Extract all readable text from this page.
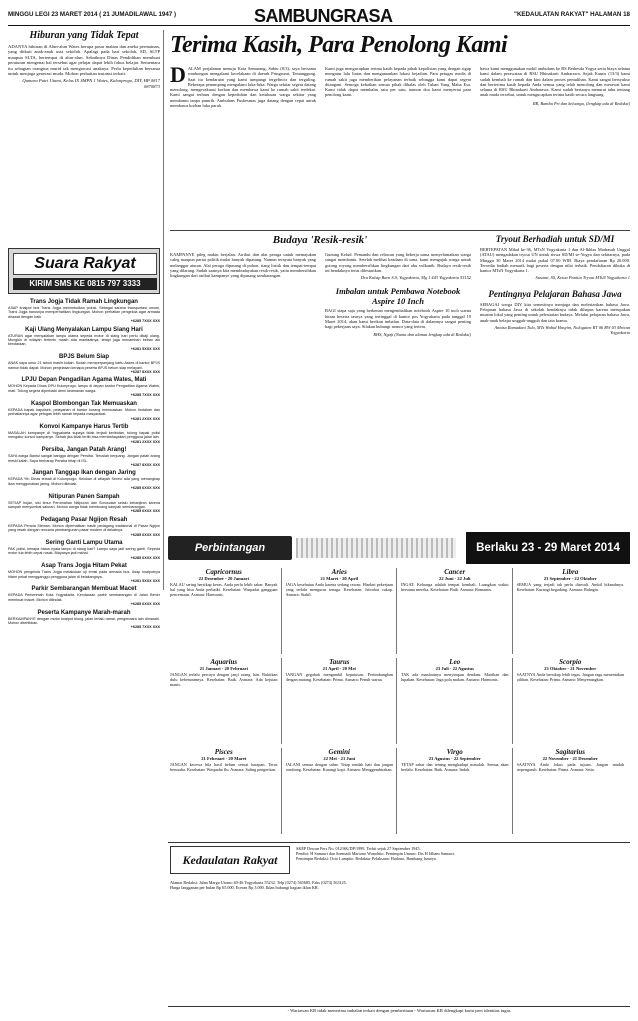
MINGGU LEGI 23 MARET 2014 ( 21 JUMADILAWAL 1947 )	SAMBUNGRASA	"KEDAULATAN RAKYAT" HALAMAN 18
Hiburan yang Tidak Tepat
ADANYA hiburan di Alun-alun Wates berupa pasar malam dan aneka permainan, yang diikuti anak-anak usia sekolah. Apalagi pada hari sekolah, SD, SLTP maupun SLTA, bertempat di alun-alun. Sebaiknya Dinas Pendidikan membuat peraturan mengenai hal tersebut agar pelajar dapat lebih fokus belajar. Sementara itu sebagian orangtua murid tak mengawasi anaknya. Perlu kepedulian bersama untuk menjaga generasi muda. Mohon perhatian instansi terkait.
Qamara Putri Utami, Kelas IX SMPN 1 Wates, Kulonprogo, DIY, HP 0817 0870873
Suara Rakyat
KIRIM SMS KE 0815 797 3333
Trans Jogja Tidak Ramah Lingkungan
ASAP knalpot bus Trans Jogja menimbulkan polusi. Sebagai sarana transportasi umum, Trans Jogja harusnya memperhatikan lingkungan. Mohon perhatian pengelola agar armada dirawat dengan baik.
+6285 7XXX XXX
Kaji Ulang Menyalakan Lampu Siang Hari
ATURAN agar menyalakan lampu utama sepeda motor di siang hari perlu dikaji ulang. Mungkin di wilayah tertentu masih ada manfaatnya, tetapi juga menambah beban aki kendaraan.
+6281 5XXX XXX
BPJS Belum Siap
ANAK saya umur 21 tahun masih kuliah. Sudah memperpanjang kartu Askes di kantor BPJS namun tidak dapat. Mohon penjelasan kenapa peserta BPJS belum siap melayani.
+6287 8XXX XXX
LPJU Depan Pengadilan Agama Wates, Mati
MOHON Kepada Dinas DPU Kulonprogo, lampu di depan kantor Pengadilan Agama Wates, mati. Tolong segera diperbaiki demi keamanan warga.
+6285 7XXX XXX
Kaspol Blombongan Tak Memuaskan
KEPADA bapak kapolsek, pelayanan di kantor kurang memuaskan. Mohon tindakan dan perhatiannya agar petugas lebih ramah kepada masyarakat.
+6281 2XXX XXX
Konvoi Kampanye Harus Tertib
MASALAH kampanye di Yogyakarta supaya tidak terjadi keributan, tolong bapak polisi mengatur konvoi kampanye. Sebab jika tidak tertib bisa membahayakan pengguna jalan lain.
+6281 2XXX XXX
Persiba, Jangan Patah Arang!
SAYA warga Bantul sangat bangga dengan Persiba. Teruslah berjuang. Jangan patah arang meski kalah. Saya berharap Persiba tetap di ISL.
+6287 8XXX XXX
Jangan Tanggap Ikan dengan Jaring
KEPADA Yth Dinas terkait di Kulonprogo. Selokan di wilayah Sermo ada yang menangkap ikan menggunakan jaring. Mohon ditindak.
+6285 6XXX XXX
Nitipuran Panen Sampah
SETIAP hujan, sisi timur Perumahan Nitipuran dan Sorosutan selalu kebanjiran karena sampah menyumbat saluran. Mohon warga tidak membuang sampah sembarangan.
+6285 6XXX XXX
Pedagang Pasar Ngijon Resah
KEPADA Pemda Sleman. Mohon diperhatikan nasib pedagang tradisional di Pasar Ngijon yang resah dengan rencana pembangunan pasar modern di dekatnya.
+6285 6XXX XXX
Sering Ganti Lampu Utama
PAK polisi, kenapa harus nyala lampu di siang hari? Lampu saya jadi sering ganti. Sepeda motor tua lebih cepat rusak. Biayanya jadi mahal.
+6285 6XXX XXX
Asap Trans Jogja Hitam Pekat
MOHON pengelola Trans Jogja melakukan uji emisi pada armada bus. Asap knalpotnya hitam pekat mengganggu pengguna jalan di belakangnya.
+6281 5XXX XXX
Parkir Sembarangan Membuat Macet
KEPADA Pemerintah Kota Yogyakarta. Kendaraan parkir sembarangan di Jalan Bener membuat macet. Mohon ditindak.
+6285 6XXX XXX
Peserta Kampanye Marah-marah
BERKAMPANYE dengan motor knalpot blong, jalan terlalu ramai, pengendara lain dimarahi. Mohon ditertibkan.
+6285 7XXX XXX
Terima Kasih, Para Penolong Kami
DALAM perjalanan menuju Kota Semarang, Sabtu (8/3), saya bersama rombongan mengalami kecelakaan di daerah Pringsurat, Temanggung. Saat itu kendaraan yang kami tumpangi tergelincir dan terguling. Beberapa penumpang mengalami luka-luka. Warga sekitar segera datang menolong, mengevakuasi korban dan membawa kami ke rumah sakit terdekat. Kami sangat terharu dengan kepedulian dan ketulusan warga sekitar yang membantu tanpa pamrih. Ambulans Puskesmas juga datang dengan cepat untuk membawa korban luka parah.
Kami juga mengucapkan terima kasih kepada pihak kepolisian yang dengan sigap mengatur lalu lintas dan mengamankan lokasi kejadian. Para petugas medis di rumah sakit juga memberikan pelayanan terbaik sehingga kami dapat segera ditangani. Semoga kebaikan semua pihak dibalas oleh Tuhan Yang Maha Esa. Kami tidak dapat membalas satu per satu, namun doa kami menyertai para penolong kami.
hawa kami menggunakan mobil ambulans ke RS Bethesda Yogya serta biaya selama kami dalam perawatan di RSU Bhinakarti Ambarawa. Sejak Kamis (13/3) kami sudah kembali ke rumah dan kini dalam proses pemulihan. Kami sangat bersyukur dan berterima kasih kepada Anda semua yang telah menolong dan merawat kami selama di RSU Bhinakarti Ambarawa. Kami sudah bertanya menurut tahu tentang anak muda tersebut, untuk mengucapkan terima kasih secara langsung.
RR, Bambu Pri dan keluarga, (lengkap ada di Redaksi)
Budaya 'Resik-resik'
KAMPANYE pileg makin berjalan. Atribut dan alat peraga untuk memajukan caleg maupun partai politik mulai banyak dipasang. Namun ternyata banyak yang melanggar aturan. Alat peraga dipasang di pohon, tiang listrik dan tempat-tempat yang dilarang. Sudah saatnya kita membudayakan resik-resik, yaitu membersihkan lingkungan dari atribut kampanye yang dipasang sembarangan.
Gunung Kelud. Pemandu dan relawan yang bekerja sama menyelamatkan warga sangat membantu. Setelah melihat keadaan di sana, kami mengajak warga untuk gotong royong membersihkan lingkungan dari abu vulkanik. Budaya resik-resik ini hendaknya terus dilestarikan.
Dra Kalsip Barn S.S, Yogyakarta, Mg 1 443 Yogyakarta 55152
Imbalan untuk Pembawa Notebook Aspire 10 Inch
BAGI siapa saja yang berkenan mengembalikan notebook Aspire 10 inch warna hitam beserta tasnya yang tertinggal di kantor pos Yogyakarta pada tanggal 19 Maret 2014, akan kami berikan imbalan. Data-data di dalamnya sangat penting bagi pekerjaan saya. Silakan hubungi nomor yang tertera.
RHS, Ngaji (Nama dan alamat lengkap ada di Redaksi)
Tryout Berhadiah untuk SD/MI
BERTEPATAN Milad ke-36, MTsN Yogyakarta 1 dan Al-Ikhlas Madrasah Unggul (ATAU) mengadakan tryout UN untuk siswa SD/MI se-Yogya dan sekitarnya, pada Minggu 30 Maret 2014 mulai pukul 07.00 WIB. Biaya pendaftaran Rp 20.000. Tersedia hadiah menarik bagi peserta dengan nilai terbaik. Pendaftaran dibuka di kantor MTsN Yogyakarta 1.
Susanti, SS, Ketua Panitia Tryout MTsN Yogyakarta 1
Pentingnya Pelajaran Bahasa Jawa
SEBAGAI warga DIY kita semestinya menjaga dan melestarikan bahasa Jawa. Pelajaran bahasa Jawa di sekolah hendaknya tidak dihapus karena merupakan muatan lokal yang penting untuk pelestarian budaya. Melalui pelajaran bahasa Jawa, anak-anak belajar unggah-ungguh dan tata krama.
Annisa Ramadani Tula, MTs Wahid Hasyim, Nologaten RT 06 RW 03 Mrican Yogyakarta
Perbintangan	Berlaku 23 - 29 Maret 2014
Capricornus
22 Desember - 20 Januari
KALAU sering bersikap keras, Anda perlu lebih sabar. Banyak hal yang bisa Anda perbaiki. Kesehatan: Waspadai gangguan pencernaan. Asmara: Harmonis.
Aries
21 Maret - 20 April
JAGA kesehatan Anda karena sedang rawan. Hindari pekerjaan yang terlalu menguras tenaga. Kesehatan: Istirahat cukup. Asmara: Stabil.
Cancer
22 Juni - 22 Juli
INGAT: Keluarga adalah tempat kembali. Luangkan waktu bersama mereka. Kesehatan: Baik. Asmara: Romantis.
Libra
23 September - 22 Oktober
SEMUA yang terjadi tak perlu disesali. Ambil hikmahnya. Kesehatan: Kurangi begadang. Asmara: Bahagia.
Aquarius
21 Januari - 20 Februari
JANGAN terlalu percaya dengan janji orang lain. Buktikan dulu kebenarannya. Kesehatan: Baik. Asmara: Ada kejutan manis.
Taurus
21 April - 20 Mei
JANGAN gegabah mengambil keputusan. Pertimbangkan dengan matang. Kesehatan: Prima. Asmara: Penuh warna.
Leo
23 Juli - 22 Agustus
TAK ada manfaatnya menyimpan dendam. Maafkan dan lupakan. Kesehatan: Jaga pola makan. Asmara: Harmonis.
Scorpio
23 Oktober - 21 November
SAATNYA Anda bersikap lebih tegas. Jangan ragu menentukan pilihan. Kesehatan: Prima. Asmara: Menyenangkan.
Pisces
21 Februari - 20 Maret
JANGAN kecewa bila hasil belum sesuai harapan. Terus berusaha. Kesehatan: Waspadai flu. Asmara: Saling pengertian.
Gemini
22 Mei - 21 Juni
JALANI semua dengan sabar. Tetap rendah hati dan jangan sombong. Kesehatan: Kurangi kopi. Asmara: Menggembirakan.
Virgo
23 Agustus - 22 September
TETAP sabar dan tenang menghadapi masalah. Semua akan berlalu. Kesehatan: Baik. Asmara: Indah.
Sagitarius
22 November - 21 Desember
SAATNYA Anda fokus pada tujuan. Jangan mudah terpengaruh. Kesehatan: Prima. Asmara: Setia.
Kedaulatan Rakyat
SKEP Dewan Pers No. 012/SK/DP/1999. Terbit sejak 27 September 1945.
Pendiri: H Samawi dan Soemadi Martono Wonohito. Pemimpin Umum: Drs H Idham Samawi.
Pemimpin Redaksi: Octo Lampito. Redaktur Pelaksana: Hudono, Bambang Ismoyo.
Alamat Redaksi: Jalan Margo Utomo 40-46 Yogyakarta 55232. Telp (0274) 565685. Faks (0274) 563125.
Harga langganan per bulan Rp 65.000. Eceran Rp 3.000. Iklan hubungi bagian iklan KR.
- Wartawan KR tidak menerima imbalan terkait dengan pemberitaan - Wartawan KR dilengkapi kartu pers identitas tugas
